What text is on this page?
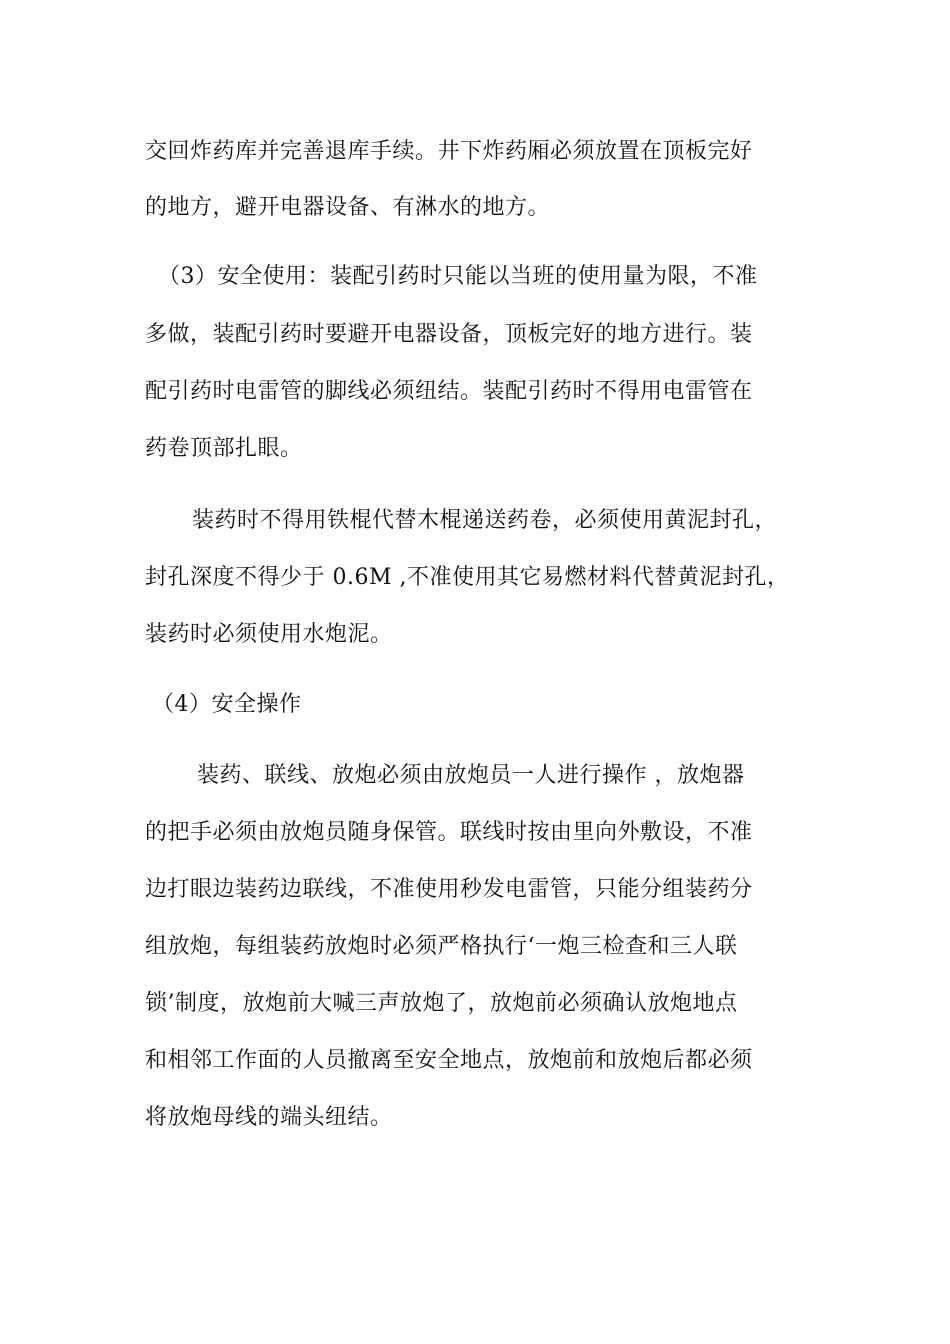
交回炸药库并完善退库手续。井下炸药厢必须放置在顶板完好
的地方，避开电器设备、有淋水的地方。
（3）安全使用：装配引药时只能以当班的使用量为限，不准
多做，装配引药时要避开电器设备，顶板完好的地方进行。装
配引药时电雷管的脚线必须纽结。装配引药时不得用电雷管在
药卷顶部扎眼。
装药时不得用铁棍代替木棍递送药卷，必须使用黄泥封孔，
封孔深度不得少于 0.6M ,不准使用其它易燃材料代替黄泥封孔，
装药时必须使用水炮泥。
（4）安全操作
装药、联线、放炮必须由放炮员一人进行操作 ，放炮器
的把手必须由放炮员随身保管。联线时按由里向外敷设，不准
边打眼边装药边联线，不准使用秒发电雷管，只能分组装药分
组放炮，每组装药放炮时必须严格执行‘一炮三检查和三人联
锁’制度，放炮前大喊三声放炮了，放炮前必须确认放炮地点
和相邻工作面的人员撤离至安全地点，放炮前和放炮后都必须
将放炮母线的端头纽结。
